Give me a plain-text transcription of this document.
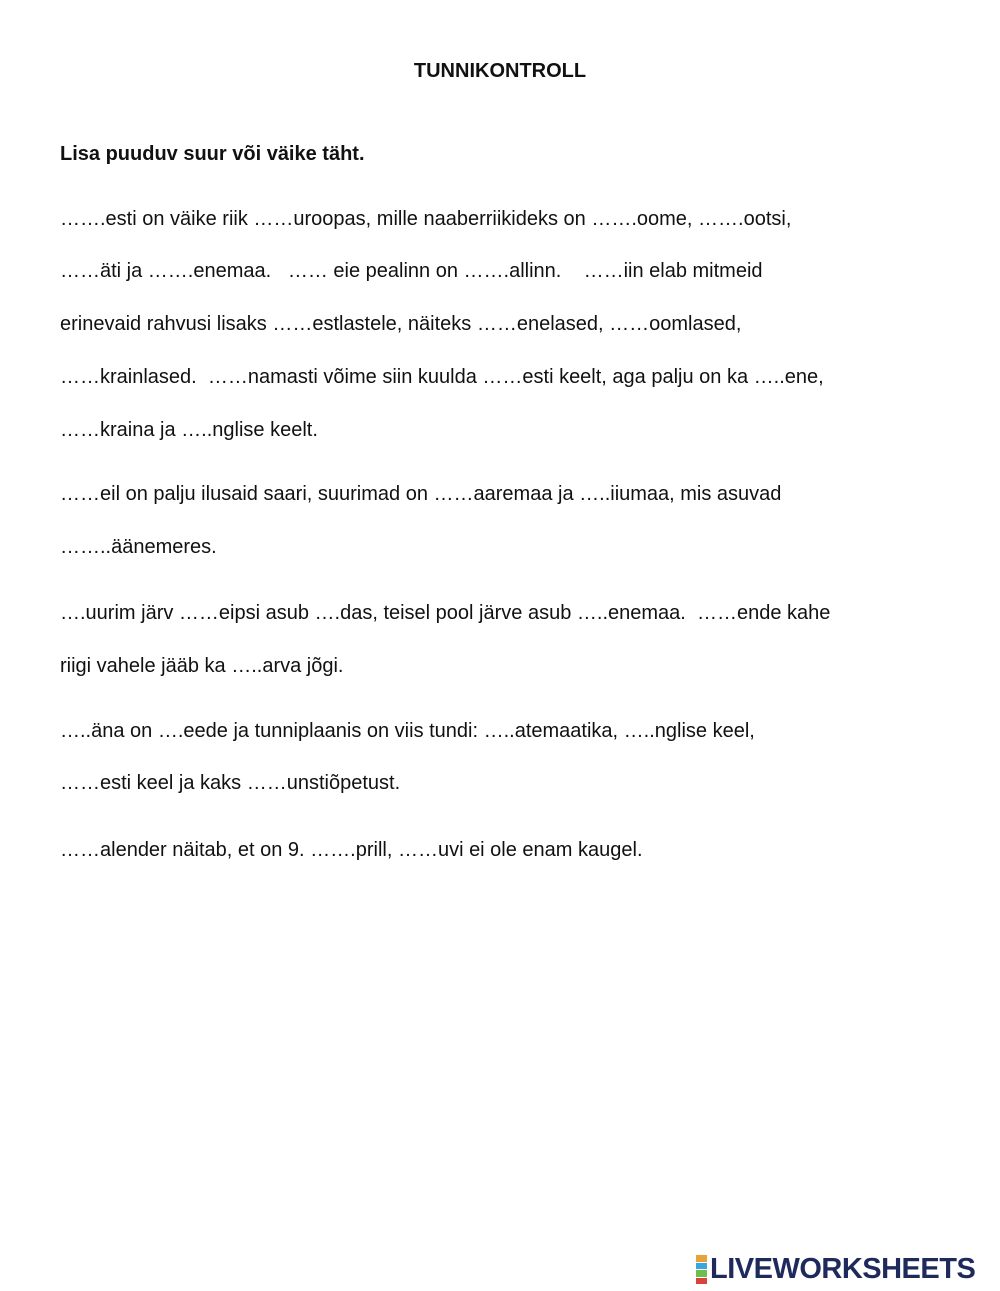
TUNNIKONTROLL
Lisa puuduv suur või väike täht.
…….esti on väike riik ……uroopas, mille naaberriikideks on …….oome, …….ootsi,
……äti ja …….enemaa.   …… eie pealinn on …….allinn.    ……iin elab mitmeid
erinevaid rahvusi lisaks ……estlastele, näiteks ……enelased, ……oomlased,
……krainlased.  ……namasti võime siin kuulda ……esti keelt, aga palju on ka …..ene,
……kraina ja …..nglise keelt.
……eil on palju ilusaid saari, suurimad on ……aaremaa ja …..iiumaa, mis asuvad
……..äänemeres.
….uurim järv ……eipsi asub ….das, teisel pool järve asub …..enemaa.  ……ende kahe
riigi vahele jääb ka …..arva jõgi.
…..äna on ….eede ja tunniplaanis on viis tundi: …..atemaatika, …..nglise keel,
……esti keel ja kaks ……unstiõpetust.
……alender näitab, et on 9. …….prill, ……uvi ei ole enam kaugel.
LIVEWORKSHEETS
